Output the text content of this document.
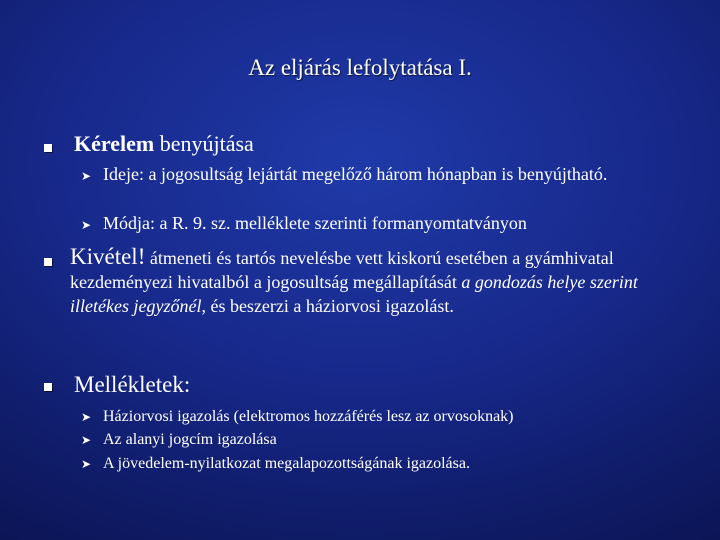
Az eljárás lefolytatása I.
Kérelem benyújtása
➤ Ideje: a jogosultság lejártát megelőző három hónapban is benyújtható.
➤ Módja: a R. 9. sz. melléklete szerinti formanyomtatványon
Kivétel! átmeneti és tartós nevelésbe vett kiskorú esetében a gyámhivatal kezdeményezi hivatalból a jogosultság megállapítását a gondozás helye szerint illetékes jegyzőnél, és beszerzi a háziorvosi igazolást.
Mellékletek:
➤ Háziorvosi igazolás (elektromos hozzáférés lesz az orvosoknak)
➤ Az alanyi jogcím igazolása
➤ A jövedelem-nyilatkozat megalapozottságának igazolása.
